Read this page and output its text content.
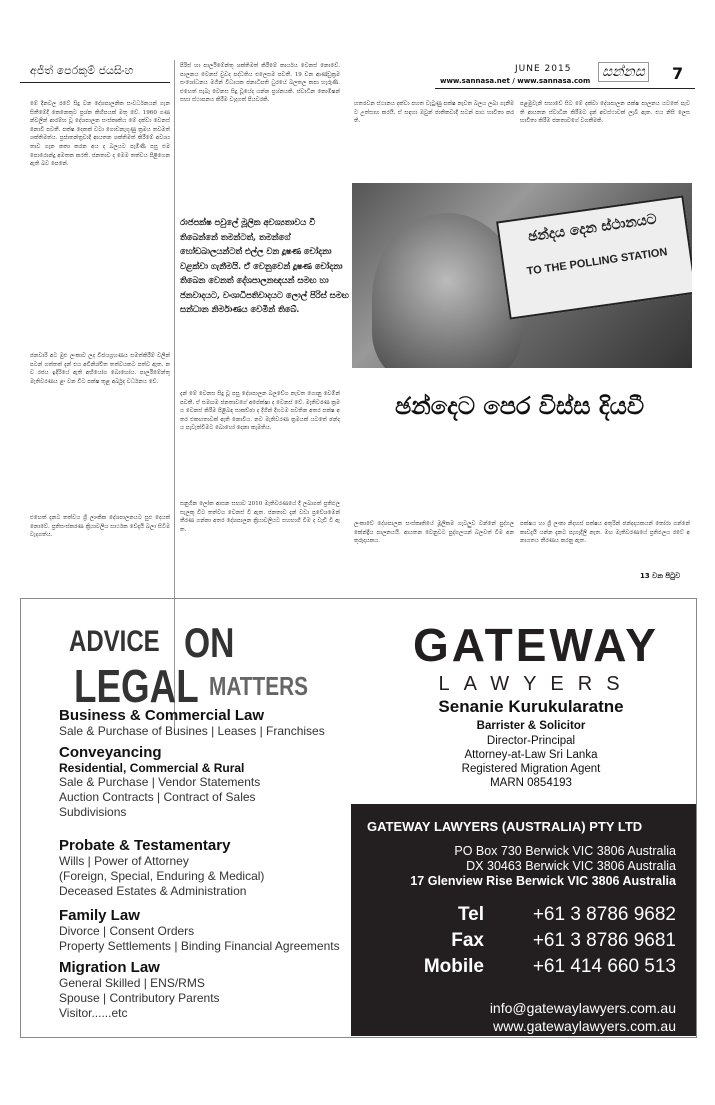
අජිත් පෙරකුම් ජයසිංහ	JUNE 2015
www.sannasa.net / www.sannasa.com
සන්නස 7
මේ දිනවල රටේ සිදු වන දේශපාලනික සංවර්ධනයන් ගැන සිතීමේදී කෙනෙකුට ප්‍රශ්න කිහිපයක් මතු වේ. 1960 ගණන්වලින් ආරම්භ වූ දේශපාලන සංස්කෘතිය මේ දක්වා වෙනස් නොවී පවතී. පක්ෂ දෙකක් වටා ගොඩනැගුණු ක්‍රමය තවමත් ශක්තිමත්ය. ප්‍රජාතන්ත්‍රවාදී ආයතන ශක්තිමත් කිරීමේ අවශ්‍යතාව ගැන කතා කරන අය ද බලයට පැමිණි පසු එම පොරොන්දු අමතක කරති. ජනතාව ද මෙම තත්වය පිළිගෙන ඇති බව පෙනේ.
ජනවාරි අට මුළු ලංකාව ලද විජයග්‍රහණය සමත්කිරීම් වලින් පටන් ගත්තත් දැන් එය අවිනිශ්චිත තත්වයකට පත්ව ඇත. නව රජය ඉදිරියේ ඇති අභියෝග බොහෝය. පාර්ලිමේන්තු මැතිවරණය ළං වන විට පක්ෂ තුළ අර්බුද වර්ධනය වේ.
එහෙත් දැනට තත්වය ශ්‍රී ලාංකික දේශපාලනයට සුළු දෙයක් නොවේ. ප්‍රතිසංස්කරණ ක්‍රියාවලිය සාර්ථක වේදැයි බලා සිටීම වැදගත්ය.
පිරිස් හා පාර්ලිමේන්තු ශක්තිමත් කිරීමේ කාර්යය වෙනස් නොවේ. පාලනය වෙනස් වුවද පද්ධතිය එලෙසම පවතී. 19 වන ආණ්ඩුක්‍රම සංශෝධනය මගින් විධායක ජනාධිපති ධුරයේ බලතල කපා හැරුණි. එහෙත් සැබෑ වෙනස සිදු වූයේද යන්න ප්‍රශ්නයකි. ස්වාධීන කොමිෂන් සභා ස්ථාපනය කිරීම වැදගත් පියවරකි.
රාජපක්ෂ පවුලේ මූලික අවශ්‍යතාවය වී තිබෙන්නේ තමන්ටත්, තමන්ගේ හෝඩබාලයන්ටත් එල්ල වන දූෂණ චෝදනා වළක්වා ගැනීමයි. ඒ වෙනුවෙන් දූෂණ චෝදනා තිබෙන වෙනත් දේශපාලනඥයන් සමඟ හා ජනවාදයට, වංශාධිපතිවාදයට ලොල් පිරිස් සමඟ සන්ධාන නිර්මාණය වෙමින් තිබේ.
දැන් මේ වෙනස සිදු වූ පසු දේශපාලන බලවේග නැවත ගොනු වෙමින් පවතී. ඒ සමඟම ජනතාවගේ අපේක්ෂා ද වෙනස් වේ. මැතිවරණ ක්‍රමය වෙනස් කිරීම පිළිබඳ සාකච්ඡා ද දිගින් දිගටම පවතින අතර පක්ෂ අතර එකඟතාවක් ඇති නොවීය. නව මැතිවරණ ක්‍රමයක් යටතේ ඡන්දය පැවැත්වීමට බොහෝ දෙනා කැමතිය.
සනුගින ලෝක ආසන සභාව 2010 මැතිවරණයේ දී ලබාගත් ප්‍රතිඵල සැලකූ විට තත්වය වෙනස් වී ඇත. ජනතාව දැන් වඩා ප්‍රවේශමෙන් තීරණ ගන්නා අතර දේශපාලන ක්‍රියාවලියට සහභාගී වීම ද වැඩි වී ඇත.
හතරවන ස්ථානය දක්වා පහත වැටුණු පක්ෂ නැවත බලය ලබා ගැනීමට උත්සාහ කරයි. ඒ සඳහා ඔවුන් ජාතිකවාදී සටන් පාඨ භාවිතා කරති.
පළමුවැනි සභාවේ සිට මේ දක්වා දේශපාලන පක්ෂ පාලනය යටතේ පැවති ආයතන ස්වාධීන කිරීමට දැන් අවස්ථාවක් ලැබී ඇත. එය නිසි ලෙස භාවිතා කිරීම ජනතාවගේ වගකීමකි.
ඡන්දය දෙන ස්ථානයට
TO THE POLLING STATION
ඡන්දෙට පෙර විස්ස දියවී
ලංකාවේ දේශපාලන සංස්කෘතියේ මූලිකම ගැටලුව වන්නේ පුද්ගල කේන්ද්‍රීය පාලනයයි. ආයතන වෙනුවට පුද්ගලයන් බලවත් වීම අනතුරුදායකය.
පක්ෂය හා ශ්‍රී ලංකා නිදහස් පක්ෂය අතුරින් ඡන්දදායකයන් තෝරා ගන්නේ කාවදැයි යන්න දැනට පැහැදිලි නැත. මහ මැතිවරණයේ ප්‍රතිඵලය රටේ අනාගතය තීරණය කරනු ඇත.
13 වන පිටුව
ADVICE ON
LEGAL MATTERS
GATEWAY
LAWYERS
Business & Commercial Law
Sale & Purchase of Busines | Leases | Franchises
Conveyancing
Residential, Commercial & Rural
Sale & Purchase | Vendor Statements
Auction Contracts | Contract of Sales
Subdivisions
Probate & Testamentary
Wills | Power of Attorney
(Foreign, Special, Enduring & Medical)
Deceased Estates & Administration
Family Law
Divorce | Consent Orders
Property Settlements | Binding Financial Agreements
Migration Law
General Skilled | ENS/RMS
Spouse | Contributory Parents
Visitor......etc
Senanie Kurukularatne
Barrister & Solicitor
Director-Principal
Attorney-at-Law Sri Lanka
Registered Migration Agent
MARN 0854193
GATEWAY LAWYERS (AUSTRALIA) PTY LTD
PO Box 730 Berwick VIC 3806 Australia
DX 30463 Berwick VIC 3806 Australia
17 Glenview Rise Berwick VIC 3806 Australia
Tel	+61 3 8786 9682
Fax	+61 3 8786 9681
Mobile	+61 414 660 513
info@gatewaylawyers.com.au
www.gatewaylawyers.com.au
